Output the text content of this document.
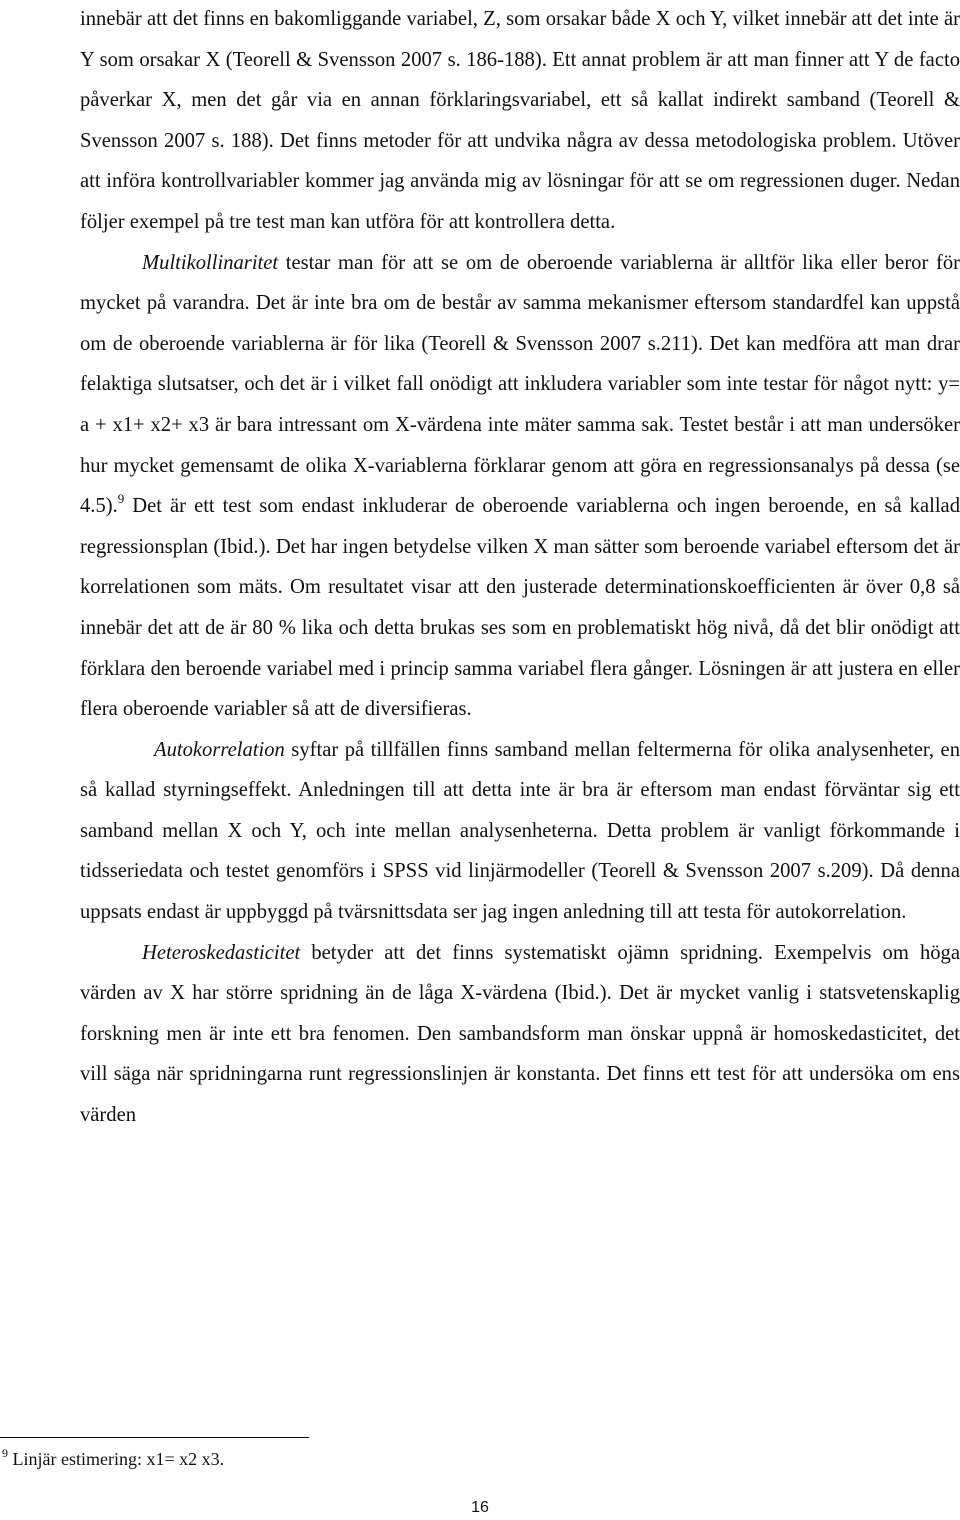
innebär att det finns en bakomliggande variabel, Z, som orsakar både X och Y, vilket innebär att det inte är Y som orsakar X (Teorell & Svensson 2007 s. 186-188). Ett annat problem är att man finner att Y de facto påverkar X, men det går via en annan förklaringsvariabel, ett så kallat indirekt samband (Teorell & Svensson 2007 s. 188). Det finns metoder för att undvika några av dessa metodologiska problem. Utöver att införa kontrollvariabler kommer jag använda mig av lösningar för att se om regressionen duger. Nedan följer exempel på tre test man kan utföra för att kontrollera detta.

Multikollinaritet testar man för att se om de oberoende variablerna är alltför lika eller beror för mycket på varandra. Det är inte bra om de består av samma mekanismer eftersom standardfel kan uppstå om de oberoende variablerna är för lika (Teorell & Svensson 2007 s.211). Det kan medföra att man drar felaktiga slutsatser, och det är i vilket fall onödigt att inkludera variabler som inte testar för något nytt: y= a + x1+ x2+ x3 är bara intressant om X-värdena inte mäter samma sak. Testet består i att man undersöker hur mycket gemensamt de olika X-variablerna förklarar genom att göra en regressionsanalys på dessa (se 4.5).$^9$ Det är ett test som endast inkluderar de oberoende variablerna och ingen beroende, en så kallad regressionsplan (Ibid.). Det har ingen betydelse vilken X man sätter som beroende variabel eftersom det är korrelationen som mäts. Om resultatet visar att den justerade determinationskoefficienten är över 0,8 så innebär det att de är 80 % lika och detta brukas ses som en problematiskt hög nivå, då det blir onödigt att förklara den beroende variabel med i princip samma variabel flera gånger. Lösningen är att justera en eller flera oberoende variabler så att de diversifieras.

Autokorrelation syftar på tillfällen finns samband mellan feltermerna för olika analysenheter, en så kallad styrningseffekt. Anledningen till att detta inte är bra är eftersom man endast förväntar sig ett samband mellan X och Y, och inte mellan analysenheterna. Detta problem är vanligt förkommande i tidsseriedata och testet genomförs i SPSS vid linjärmodeller (Teorell & Svensson 2007 s.209). Då denna uppsats endast är uppbyggd på tvärsnittsdata ser jag ingen anledning till att testa för autokorrelation.

Heteroskedasticitet betyder att det finns systematiskt ojämn spridning. Exempelvis om höga värden av X har större spridning än de låga X-värdena (Ibid.). Det är mycket vanlig i statsvetenskaplig forskning men är inte ett bra fenomen. Den sambandsform man önskar uppnå är homoskedasticitet, det vill säga när spridningarna runt regressionslinjen är konstanta. Det finns ett test för att undersöka om ens värden

$^9$ Linjär estimering: x1= x2 x3.
16
